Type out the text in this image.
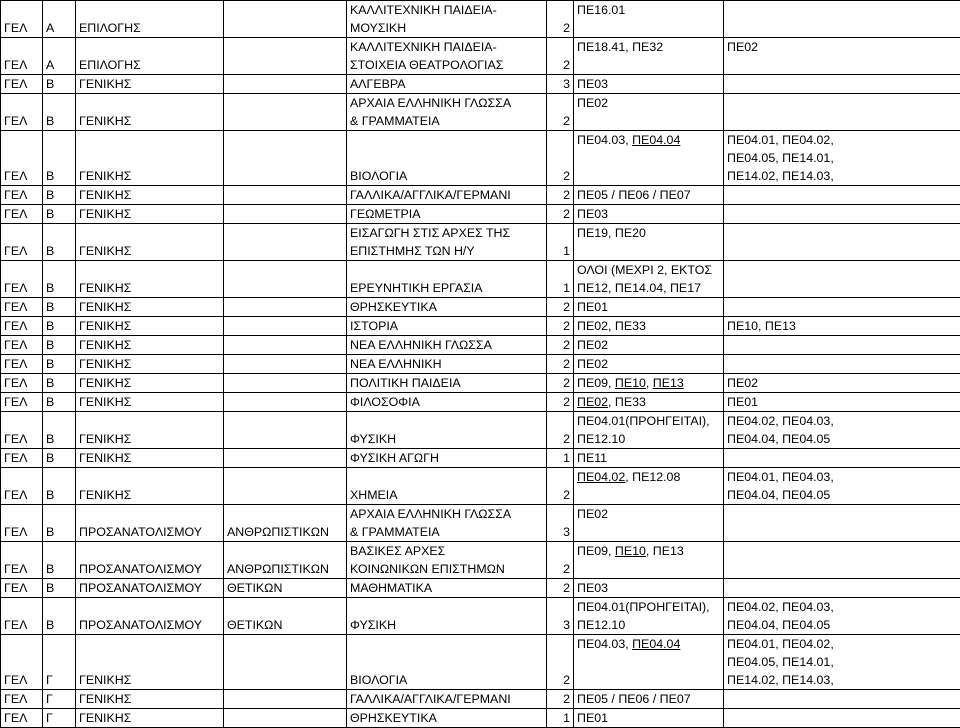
ΓΕΛ	Α	ΕΠΙΛΟΓΗΣ		ΚΑΛΛΙΤΕΧΝΙΚΗ ΠΑΙΔΕΙΑ-
ΜΟΥΣΙΚΗ	2	ΠΕ16.01	

ΓΕΛ	Α	ΕΠΙΛΟΓΗΣ		ΚΑΛΛΙΤΕΧΝΙΚΗ ΠΑΙΔΕΙΑ-
ΣΤΟΙΧΕΙΑ ΘΕΑΤΡΟΛΟΓΙΑΣ	2	ΠΕ18.41, ΠΕ32	ΠΕ02

ΓΕΛ	Β	ΓΕΝΙΚΗΣ		ΑΛΓΕΒΡΑ	3	ΠΕ03	

ΓΕΛ	Β	ΓΕΝΙΚΗΣ		ΑΡΧΑΙΑ ΕΛΛΗΝΙΚΗ ΓΛΩΣΣΑ
& ΓΡΑΜΜΑΤΕΙΑ	2	ΠΕ02	

ΓΕΛ	Β	ΓΕΝΙΚΗΣ		ΒΙΟΛΟΓΙΑ	2	ΠΕ04.03, ΠΕ04.04	ΠΕ04.01, ΠΕ04.02,
ΠΕ04.05, ΠΕ14.01,
ΠΕ14.02, ΠΕ14.03,

ΓΕΛ	Β	ΓΕΝΙΚΗΣ		ΓΑΛΛΙΚΑ/ΑΓΓΛΙΚΑ/ΓΕΡΜΑΝΙ	2	ΠΕ05 / ΠΕ06 / ΠΕ07	

ΓΕΛ	Β	ΓΕΝΙΚΗΣ		ΓΕΩΜΕΤΡΙΑ	2	ΠΕ03	

ΓΕΛ	Β	ΓΕΝΙΚΗΣ		ΕΙΣΑΓΩΓΗ ΣΤΙΣ ΑΡΧΕΣ ΤΗΣ
ΕΠΙΣΤΗΜΗΣ ΤΩΝ Η/Υ	1	ΠΕ19, ΠΕ20	

ΓΕΛ	Β	ΓΕΝΙΚΗΣ		ΕΡΕΥΝΗΤΙΚΗ ΕΡΓΑΣΙΑ	1	ΟΛΟΙ (ΜΕΧΡΙ 2, ΕΚΤΟΣ
ΠΕ12, ΠΕ14.04, ΠΕ17	

ΓΕΛ	Β	ΓΕΝΙΚΗΣ		ΘΡΗΣΚΕΥΤΙΚΑ	2	ΠΕ01	

ΓΕΛ	Β	ΓΕΝΙΚΗΣ		ΙΣΤΟΡΙΑ	2	ΠΕ02, ΠΕ33	ΠΕ10, ΠΕ13

ΓΕΛ	Β	ΓΕΝΙΚΗΣ		ΝΕΑ ΕΛΛΗΝΙΚΗ ΓΛΩΣΣΑ	2	ΠΕ02	

ΓΕΛ	Β	ΓΕΝΙΚΗΣ		ΝΕΑ ΕΛΛΗΝΙΚΗ	2	ΠΕ02	

ΓΕΛ	Β	ΓΕΝΙΚΗΣ		ΠΟΛΙΤΙΚΗ ΠΑΙΔΕΙΑ	2	ΠΕ09, ΠΕ10, ΠΕ13	ΠΕ02

ΓΕΛ	Β	ΓΕΝΙΚΗΣ		ΦΙΛΟΣΟΦΙΑ	2	ΠΕ02, ΠΕ33	ΠΕ01

ΓΕΛ	Β	ΓΕΝΙΚΗΣ		ΦΥΣΙΚΗ	2	ΠΕ04.01(ΠΡΟΗΓΕΙΤΑΙ),
ΠΕ12.10	ΠΕ04.02, ΠΕ04.03,
ΠΕ04.04, ΠΕ04.05

ΓΕΛ	Β	ΓΕΝΙΚΗΣ		ΦΥΣΙΚΗ ΑΓΩΓΗ	1	ΠΕ11	

ΓΕΛ	Β	ΓΕΝΙΚΗΣ		ΧΗΜΕΙΑ	2	ΠΕ04.02, ΠΕ12.08	ΠΕ04.01, ΠΕ04.03,
ΠΕ04.04, ΠΕ04.05

ΓΕΛ	Β	ΠΡΟΣΑΝΑΤΟΛΙΣΜΟΥ	ΑΝΘΡΩΠΙΣΤΙΚΩΝ	ΑΡΧΑΙΑ ΕΛΛΗΝΙΚΗ ΓΛΩΣΣΑ
& ΓΡΑΜΜΑΤΕΙΑ	3	ΠΕ02	

ΓΕΛ	Β	ΠΡΟΣΑΝΑΤΟΛΙΣΜΟΥ	ΑΝΘΡΩΠΙΣΤΙΚΩΝ	ΒΑΣΙΚΕΣ ΑΡΧΕΣ
ΚΟΙΝΩΝΙΚΩΝ ΕΠΙΣΤΗΜΩΝ	2	ΠΕ09, ΠΕ10, ΠΕ13	

ΓΕΛ	Β	ΠΡΟΣΑΝΑΤΟΛΙΣΜΟΥ	ΘΕΤΙΚΩΝ	ΜΑΘΗΜΑΤΙΚΑ	2	ΠΕ03	

ΓΕΛ	Β	ΠΡΟΣΑΝΑΤΟΛΙΣΜΟΥ	ΘΕΤΙΚΩΝ	ΦΥΣΙΚΗ	3	ΠΕ04.01(ΠΡΟΗΓΕΙΤΑΙ),
ΠΕ12.10	ΠΕ04.02, ΠΕ04.03,
ΠΕ04.04, ΠΕ04.05

ΓΕΛ	Γ	ΓΕΝΙΚΗΣ		ΒΙΟΛΟΓΙΑ	2	ΠΕ04.03, ΠΕ04.04	ΠΕ04.01, ΠΕ04.02,
ΠΕ04.05, ΠΕ14.01,
ΠΕ14.02, ΠΕ14.03,

ΓΕΛ	Γ	ΓΕΝΙΚΗΣ		ΓΑΛΛΙΚΑ/ΑΓΓΛΙΚΑ/ΓΕΡΜΑΝΙ	2	ΠΕ05 / ΠΕ06 / ΠΕ07	

ΓΕΛ	Γ	ΓΕΝΙΚΗΣ		ΘΡΗΣΚΕΥΤΙΚΑ	1	ΠΕ01	
